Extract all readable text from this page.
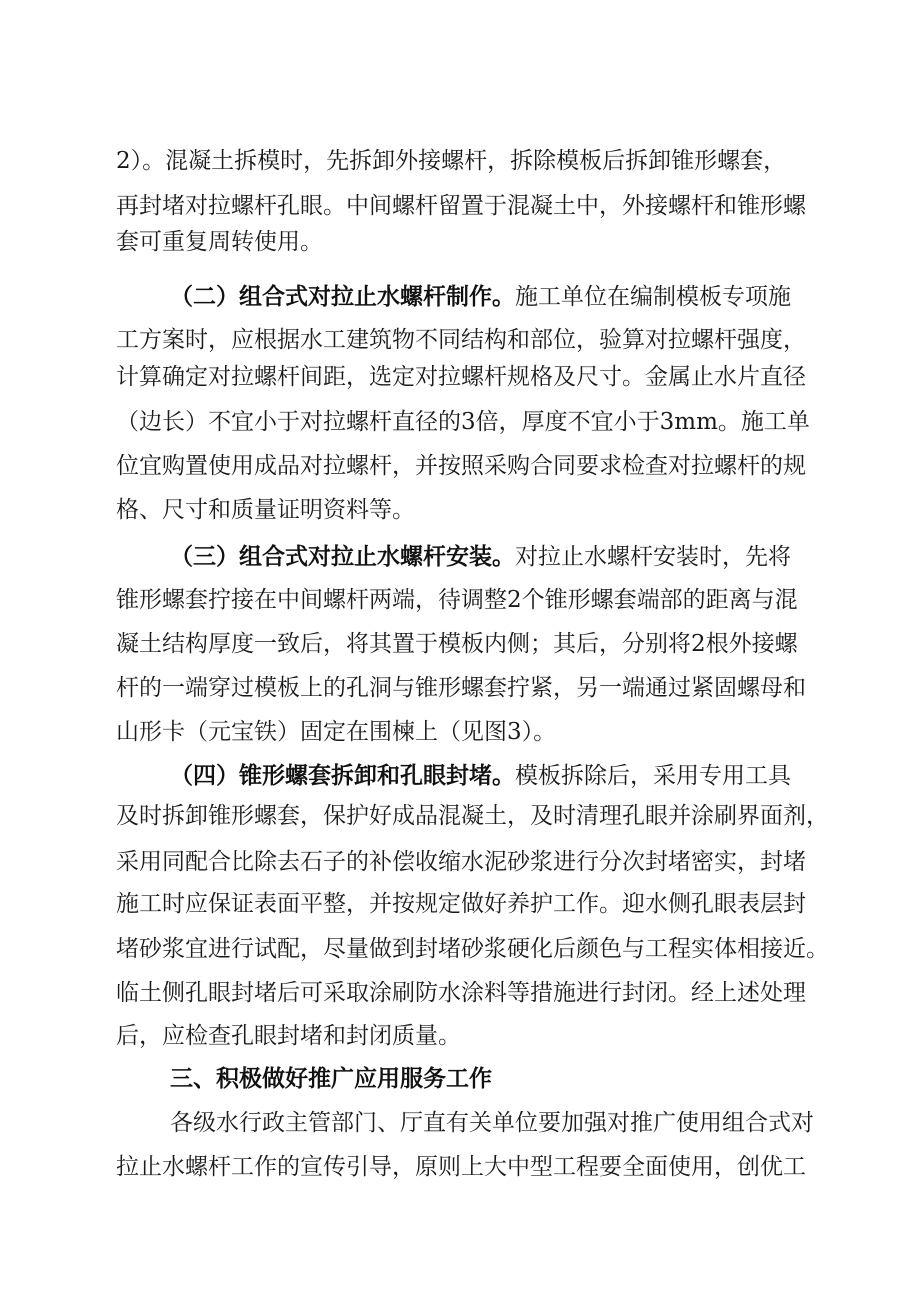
2）。混凝土拆模时，先拆卸外接螺杆，拆除模板后拆卸锥形螺套，
再封堵对拉螺杆孔眼。中间螺杆留置于混凝土中，外接螺杆和锥形螺
套可重复周转使用。
（二）组合式对拉止水螺杆制作。施工单位在编制模板专项施
工方案时，应根据水工建筑物不同结构和部位，验算对拉螺杆强度，
计算确定对拉螺杆间距，选定对拉螺杆规格及尺寸。金属止水片直径
（边长）不宜小于对拉螺杆直径的3倍，厚度不宜小于3mm。施工单
位宜购置使用成品对拉螺杆，并按照采购合同要求检查对拉螺杆的规
格、尺寸和质量证明资料等。
（三）组合式对拉止水螺杆安装。对拉止水螺杆安装时，先将
锥形螺套拧接在中间螺杆两端，待调整2个锥形螺套端部的距离与混
凝土结构厚度一致后，将其置于模板内侧；其后，分别将2根外接螺
杆的一端穿过模板上的孔洞与锥形螺套拧紧，另一端通过紧固螺母和
山形卡（元宝铁）固定在围楝上（见图3）。
（四）锥形螺套拆卸和孔眼封堵。模板拆除后，采用专用工具
及时拆卸锥形螺套，保护好成品混凝土，及时清理孔眼并涂刷界面剂，
采用同配合比除去石子的补偿收缩水泥砂浆进行分次封堵密实，封堵
施工时应保证表面平整，并按规定做好养护工作。迎水侧孔眼表层封
堵砂浆宜进行试配，尽量做到封堵砂浆硬化后颜色与工程实体相接近。
临土侧孔眼封堵后可采取涂刷防水涂料等措施进行封闭。经上述处理
后，应检查孔眼封堵和封闭质量。
三、积极做好推广应用服务工作
各级水行政主管部门、厅直有关单位要加强对推广使用组合式对
拉止水螺杆工作的宣传引导，原则上大中型工程要全面使用，创优工
